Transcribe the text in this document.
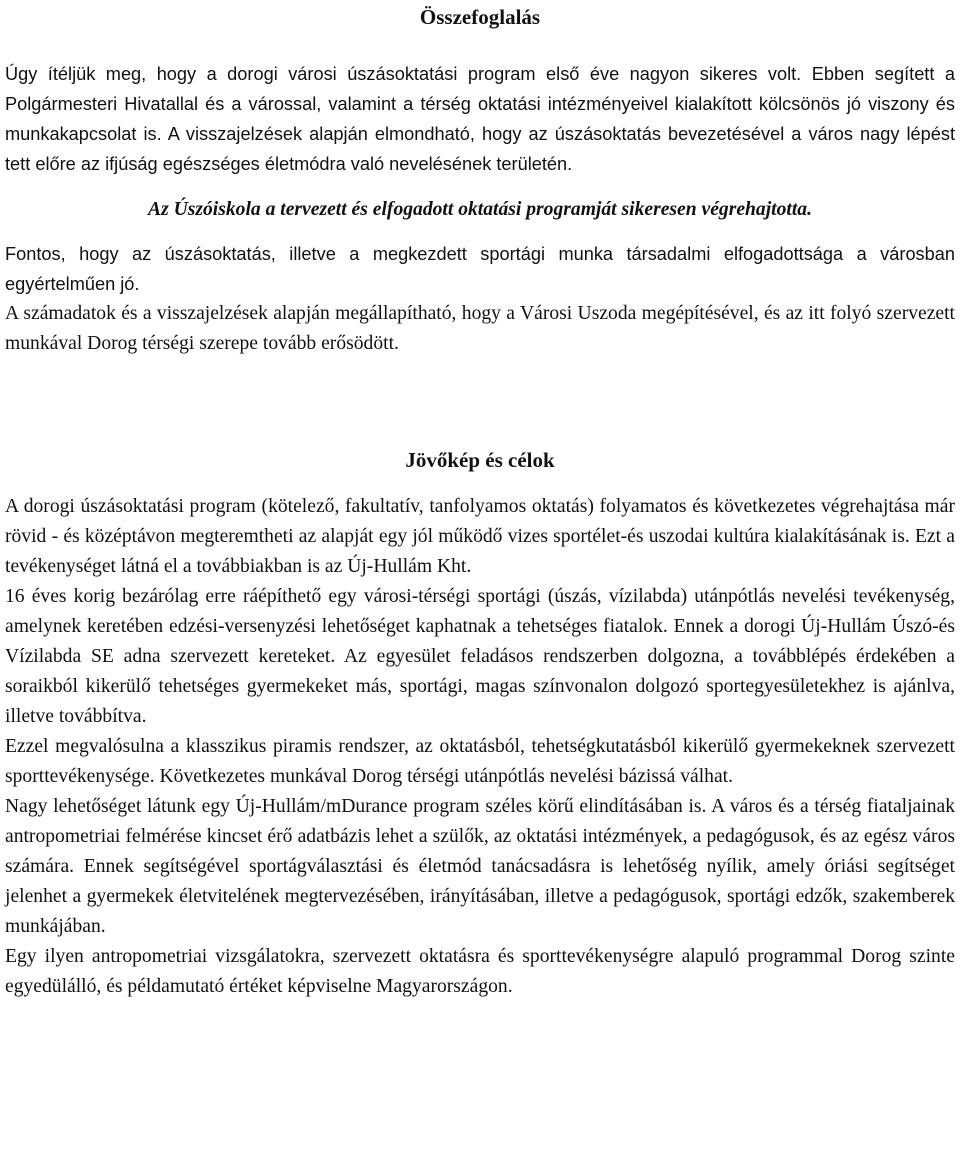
Összefoglalás

Úgy ítéljük meg, hogy a dorogi városi úszásoktatási program első éve nagyon sikeres volt. Ebben segített a Polgármesteri Hivatallal és a várossal, valamint a térség oktatási intézményeivel kialakított kölcsönös jó viszony és munkakapcsolat is. A visszajelzések alapján elmondható, hogy az úszásoktatás bevezetésével a város nagy lépést tett előre az ifjúság egészséges életmódra való nevelésének területén.

Az Úszóiskola a tervezett és elfogadott oktatási programját sikeresen végrehajtotta.

Fontos, hogy az úszásoktatás, illetve a megkezdett sportági munka társadalmi elfogadottsága a városban egyértelműen jó.

A számadatok és a visszajelzések alapján megállapítható, hogy a Városi Uszoda megépítésével, és az itt folyó szervezett munkával Dorog térségi szerepe tovább erősödött.

Jövőkép és célok

A dorogi úszásoktatási program (kötelező, fakultatív, tanfolyamos oktatás) folyamatos és következetes végrehajtása már rövid - és középtávon megteremtheti az alapját egy jól működő vizes sportélet-és uszodai kultúra kialakításának is. Ezt a tevékenységet látná el a továbbiakban is az Új-Hullám Kht.

16 éves korig bezárólag erre ráépíthető egy városi-térségi sportági (úszás, vízilabda) utánpótlás nevelési tevékenység, amelynek keretében edzési-versenyzési lehetőséget kaphatnak a tehetséges fiatalok. Ennek a dorogi Új-Hullám Úszó-és Vízilabda SE adna szervezett kereteket. Az egyesület feladásos rendszerben dolgozna, a továbblépés érdekében a soraikból kikerülő tehetséges gyermekeket más, sportági, magas színvonalon dolgozó sportegyesületekhez is ajánlva, illetve továbbítva.

Ezzel megvalósulna a klasszikus piramis rendszer, az oktatásból, tehetségkutatásból kikerülő gyermekeknek szervezett sporttevékenysége. Következetes munkával Dorog térségi utánpótlás nevelési bázissá válhat.

Nagy lehetőséget látunk egy Új-Hullám/mDurance program széles körű elindításában is. A város és a térség fiataljainak antropometriai felmérése kincset érő adatbázis lehet a szülők, az oktatási intézmények, a pedagógusok, és az egész város számára. Ennek segítségével sportágválasztási és életmód tanácsadásra is lehetőség nyílik, amely óriási segítséget jelenhet a gyermekek életvitelének megtervezésében, irányításában, illetve a pedagógusok, sportági edzők, szakemberek munkájában.

Egy ilyen antropometriai vizsgálatokra, szervezett oktatásra és sporttevékenységre alapuló programmal Dorog szinte egyedülálló, és példamutató értéket képviselne Magyarországon.
